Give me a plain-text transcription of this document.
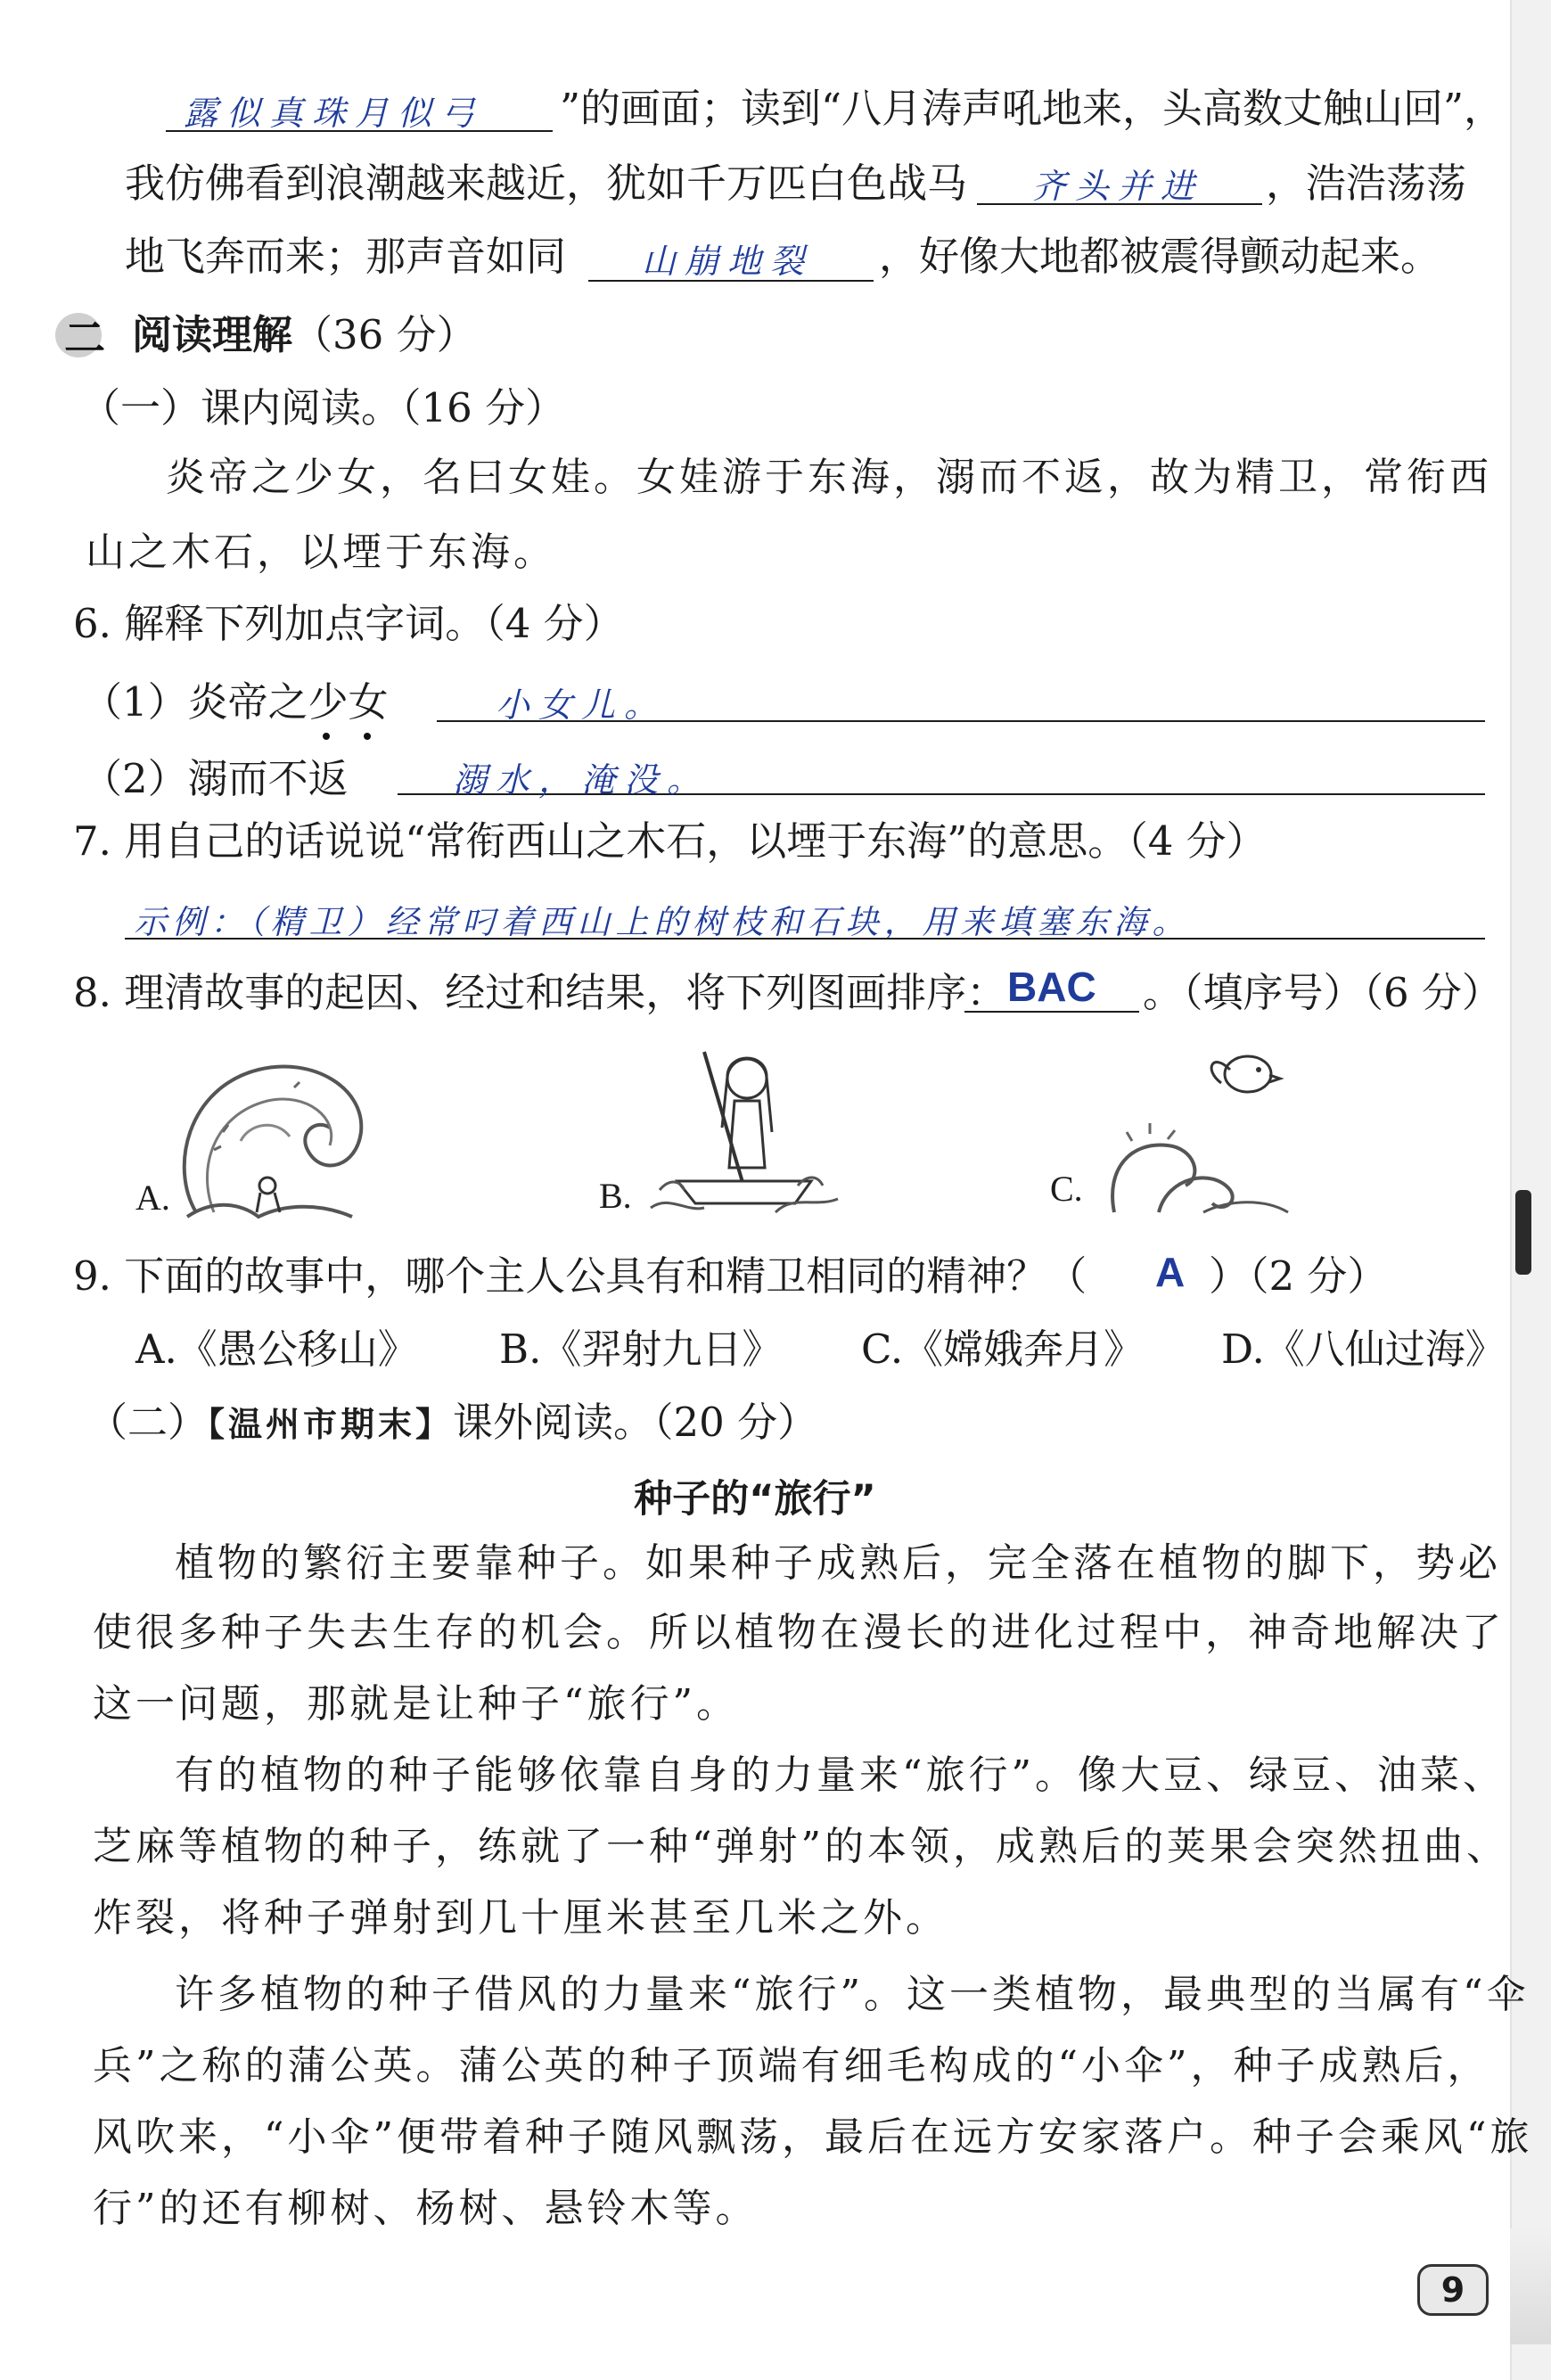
露似真珠月似弓 ”的画面；读到“八月涛声吼地来，头高数丈触山回”，
我仿佛看到浪潮越来越近，犹如千万匹白色战马 齐头并进 ，浩浩荡荡
地飞奔而来；那声音如同 山崩地裂 ，好像大地都被震得颤动起来。
二 阅读理解（36 分）
（一）课内阅读。（16 分）
炎帝之少女，名曰女娃。女娃游于东海，溺而不返，故为精卫，常衔西
山之木石，以堙于东海。
6. 解释下列加点字词。（4 分）
（1）炎帝之少女	小女儿。
（2）溺而不返	溺水，淹没。
7. 用自己的话说说“常衔西山之木石，以堙于东海”的意思。（4 分）
示例：（精卫）经常叼着西山上的树枝和石块，用来填塞东海。
8. 理清故事的起因、经过和结果，将下列图画排序： BAC 。（填序号）（6 分）
A.	B.	C.
9. 下面的故事中，哪个主人公具有和精卫相同的精神？（ A ）（2 分）
A.《愚公移山》 B.《羿射九日》 C.《嫦娥奔月》 D.《八仙过海》
（二）【温州市期末】课外阅读。（20 分）
种子的“旅行”
植物的繁衍主要靠种子。如果种子成熟后，完全落在植物的脚下，势必
使很多种子失去生存的机会。所以植物在漫长的进化过程中，神奇地解决了
这一问题，那就是让种子“旅行”。
有的植物的种子能够依靠自身的力量来“旅行”。像大豆、绿豆、油菜、
芝麻等植物的种子，练就了一种“弹射”的本领，成熟后的荚果会突然扭曲、
炸裂，将种子弹射到几十厘米甚至几米之外。
许多植物的种子借风的力量来“旅行”。这一类植物，最典型的当属有“伞
兵”之称的蒲公英。蒲公英的种子顶端有细毛构成的“小伞”，种子成熟后，
风吹来，“小伞”便带着种子随风飘荡，最后在远方安家落户。种子会乘风“旅
行”的还有柳树、杨树、悬铃木等。
9
